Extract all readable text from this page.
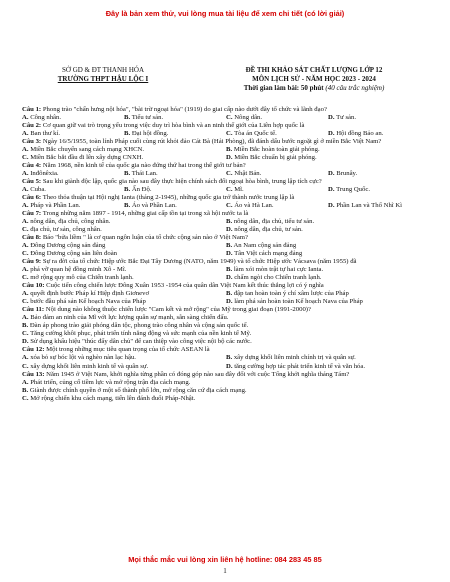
Đây là bản xem thử, vui lòng mua tài liệu để xem chi tiết (có lời giải)
SỞ GD & ĐT THANH HÓA
TRƯỜNG THPT HẬU LỘC I
ĐỀ THI KHẢO SÁT CHẤT LƯỢNG LỚP 12
MÔN LỊCH SỬ - NĂM HỌC 2023 - 2024
Thời gian làm bài: 50 phút (40 câu trắc nghiệm)
Câu 1: Phong trào "chấn hưng nội hóa", "bài trừ ngoại hóa" (1919) do giai cấp nào dưới đây tổ chức và lãnh đạo?
A. Công nhân.	B. Tiểu tư sản.	C. Nông dân.	D. Tư sản.
Câu 2: Cơ quan giữ vai trò trọng yếu trong việc duy trì hòa bình và an ninh thế giới của Liên hợp quốc là
A. Ban thư kí.	B. Đại hội đồng.	C. Tòa án Quốc tế.	D. Hội đồng Bảo an.
Câu 3: Ngày 16/5/1955, toàn lính Pháp cuối cùng rút khỏi đảo Cát Bà (Hải Phòng), đã đánh dấu bước ngoặt gì ở miền Bắc Việt Nam?
A. Miền Bắc chuyển sang cách mạng XHCN.	B. Miền Bắc hoàn toàn giải phóng.
C. Miền Bắc bắt đầu đi lên xây dựng CNXH.	D. Miền Bắc chuẩn bị giải phóng.
Câu 4: Năm 1968, nền kinh tế của quốc gia nào đứng thứ hai trong thế giới tư bản?
A. Inđônêxia.	B. Thái Lan.	C. Nhật Bản.	D. Brunây.
Câu 5: Sau khi giành độc lập, quốc gia nào sau đây thực hiện chính sách đối ngoại hòa bình, trung lập tích cực?
A. Cuba.	B. Ấn Độ.	C. Mĩ.	D. Trung Quốc.
Câu 6: Theo thỏa thuận tại Hội nghị Ianta (tháng 2-1945), những quốc gia trở thành nước trung lập là
A. Pháp và Phần Lan.	B. Áo và Phần Lan.	C. Áo và Hà Lan.	D. Phần Lan và Thổ Nhĩ Kì
Câu 7: Trong những năm 1897 - 1914, những giai cấp tồn tại trong xã hội nước ta là
A. nông dân, địa chủ, công nhân.	B. nông dân, địa chủ, tiểu tư sản.
C. địa chủ, tư sản, công nhân.	D. nông dân, địa chủ, tư sản.
Câu 8: Báo "bửa liềm " là cơ quan ngôn luận của tổ chức cộng sản nào ở Việt Nam?
A. Đông Dương cộng sản đảng	B. An Nam cộng sản đảng
C. Đông Dương cộng sản liên đoàn	D. Tân Việt cách mạng đảng
Câu 9: Sự ra đời của tổ chức Hiệp ước Bắc Đại Tây Dương (NATO, năm 1949) và tổ chức Hiệp ước Vácsava (năm 1955) đã
A. phá vỡ quan hệ đồng minh Xô - Mĩ.	B. làm xói mòn trật tự hai cực Ianta.
C. mở rộng quy mô của Chiến tranh lạnh.	D. chấm ngòi cho Chiến tranh lạnh.
Câu 10: Cuộc tiến công chiến lược Đông Xuân 1953 -1954 của quân dân Việt Nam kết thúc thắng lợi có ý nghĩa
A. quyết định bước Pháp kí Hiệp định Giơnevơ	B. đập tan hoàn toàn ý chí xâm lược của Pháp
C. bước đầu phá sản Kế hoạch Nava của Pháp	D. làm phá sản hoàn toàn Kế hoạch Nava của Pháp
Câu 11: Nội dung nào không thuộc chiến lược "Cam kết và mở rộng" của Mỹ trong giai đoạn (1991-2000)?
A. Bảo đảm an ninh của Mĩ với lực lượng quân sự mạnh, sẵn sàng chiến đấu.
B. Đàn áp phong trào giải phóng dân tộc, phong trào công nhân và cộng sản quốc tế.
C. Tăng cường khôi phục, phát triển tính năng động và sức mạnh của nền kinh tế Mỹ.
D. Sử dụng khẩu hiệu "thúc đẩy dân chủ" để can thiệp vào công việc nội bộ các nước.
Câu 12: Một trong những mục tiêu quan trọng của tổ chức ASEAN là
A. xóa bỏ sự bóc lột và nghèo nàn lạc hậu.	B. xây dựng khối liên minh chính trị và quân sự.
C. xây dựng khối liên minh kinh tế và quân sự.	D. tăng cường hợp tác phát triển kinh tế và văn hóa.
Câu 13: Năm 1945 ở Việt Nam, khởi nghĩa từng phần có đóng góp nào sau đây đối với cuộc Tổng khởi nghĩa tháng Tám?
A. Phát triển, củng cố tiềm lực và mở rộng trận địa cách mạng.
B. Giành được chính quyền ở một số thành phố lớn, mở rộng căn cứ địa cách mạng.
C. Mở rộng chiến khu cách mạng, tiến lên đánh đuổi Pháp-Nhật.
Mọi thắc mắc vui lòng xin liên hệ hotline: 084 283 45 85
1
